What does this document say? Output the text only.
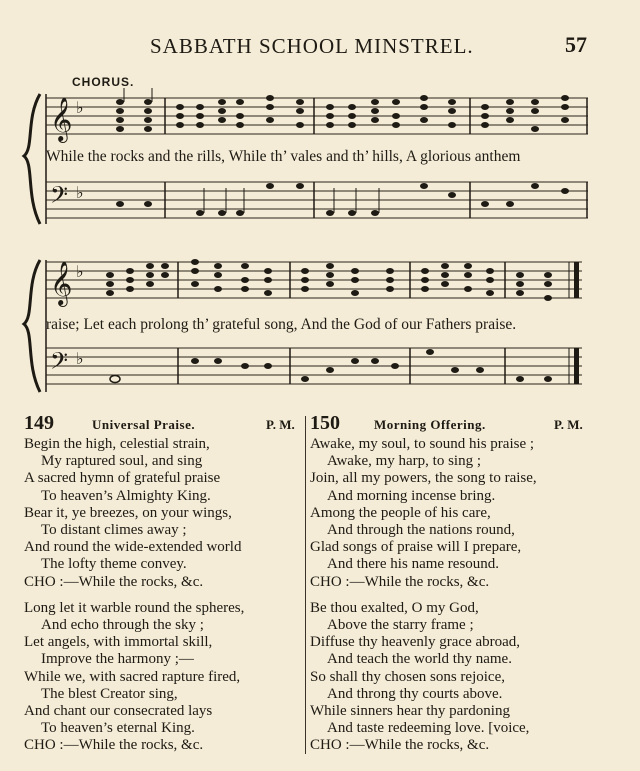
SABBATH SCHOOL MINSTREL.	57
CHORUS.
𝄞
𝄢
♭
♭
While the rocks and the rills, While th’ vales and th’ hills, A glorious anthem
𝄞
𝄢
♭
♭
raise; Let each prolong th’ grateful song, And the God of our Fathers praise.
149	Universal Praise.	P. M.
Begin the high, celestial strain,
My raptured soul, and sing
A sacred hymn of grateful praise
To heaven’s Almighty King.
Bear it, ye breezes, on your wings,
To distant climes away ;
And round the wide-extended world
The lofty theme convey.
CHO :—While the rocks, &c.
Long let it warble round the spheres,
And echo through the sky ;
Let angels, with immortal skill,
Improve the harmony ;—
While we, with sacred rapture fired,
The blest Creator sing,
And chant our consecrated lays
To heaven’s eternal King.
CHO :—While the rocks, &c.
150	Morning Offering.	P. M.
Awake, my soul, to sound his praise ;
Awake, my harp, to sing ;
Join, all my powers, the song to raise,
And morning incense bring.
Among the people of his care,
And through the nations round,
Glad songs of praise will I prepare,
And there his name resound.
CHO :—While the rocks, &c.
Be thou exalted, O my God,
Above the starry frame ;
Diffuse thy heavenly grace abroad,
And teach the world thy name.
So shall thy chosen sons rejoice,
And throng thy courts above.
While sinners hear thy pardoning
And taste redeeming love. [voice,
CHO :—While the rocks, &c.
